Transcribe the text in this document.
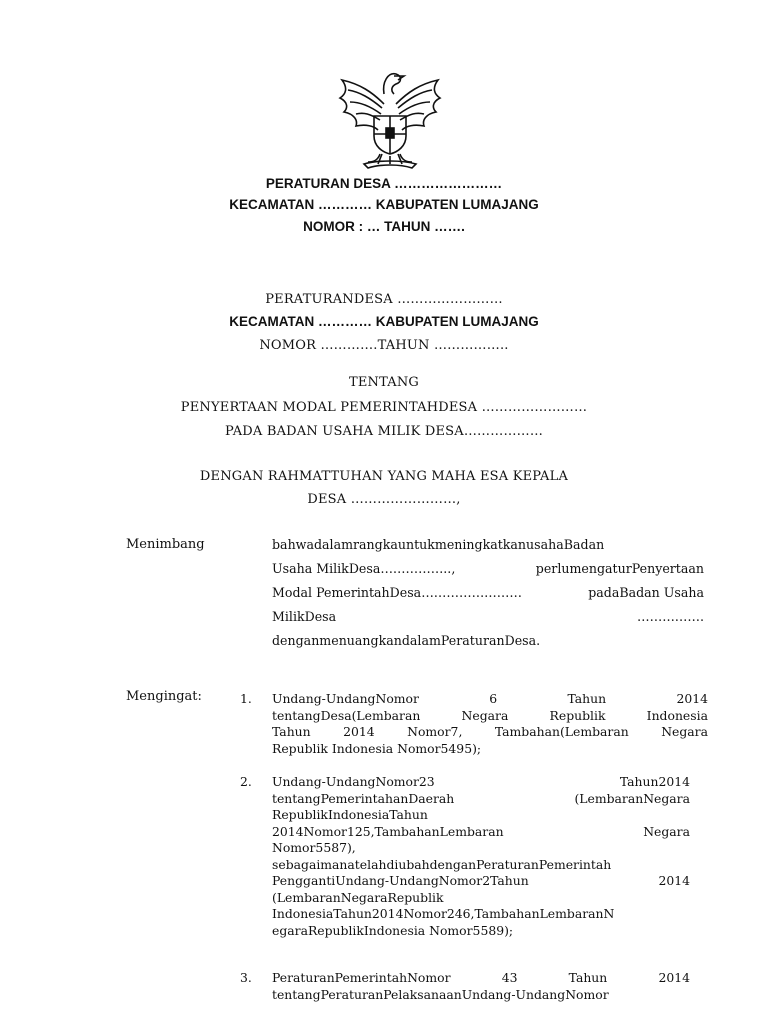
PERATURAN DESA ……………………
KECAMATAN ………… KABUPATEN LUMAJANG
NOMOR : … TAHUN …….
PERATURANDESA ……………………
KECAMATAN ………… KABUPATEN LUMAJANG
NOMOR ………….TAHUN ……………..
TENTANG
PENYERTAAN MODAL PEMERINTAHDESA ……………………
PADA BADAN USAHA MILIK DESA………………
DENGAN RAHMATTUHAN YANG MAHA ESA KEPALA
DESA ……………………,
Menimbang	bahwadalamrangkauntukmeningkatkanusahaBadan
Usaha MilikDesa……………..,	perlumengaturPenyertaan
Modal PemerintahDesa……………………	padaBadan Usaha
MilikDesa	…………….
denganmenuangkandalamPeraturanDesa.
Mengingat:	1. Undang-UndangNomor	6	Tahun	2014
tentangDesa(Lembaran	Negara	Republik	Indonesia
Tahun	2014	Nomor7,	Tambahan(Lembaran	Negara
Republik Indonesia Nomor5495);
2. Undang-UndangNomor23	Tahun2014
tentangPemerintahanDaerah	(LembaranNegara
RepublikIndonesiaTahun
2014Nomor125,TambahanLembaran	Negara
Nomor5587),
sebagaimanatelahdiubahdenganPeraturanPemerintah
PenggantiUndang-UndangNomor2Tahun	2014
(LembaranNegaraRepublik
IndonesiaTahun2014Nomor246,TambahanLembaranN
egaraRepublikIndonesia Nomor5589);
3. PeraturanPemerintahNomor	43	Tahun	2014
tentangPeraturanPelaksanaanUndang-UndangNomor
